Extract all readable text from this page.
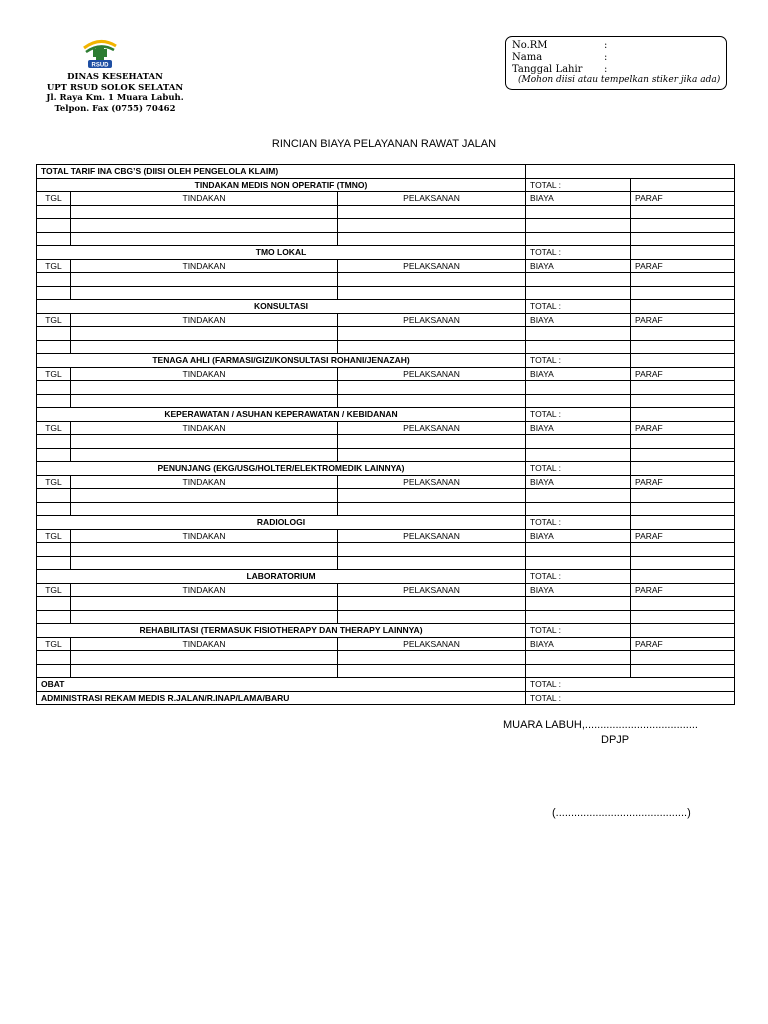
RSUD
DINAS KESEHATAN
UPT RSUD SOLOK SELATAN
Jl. Raya Km. 1 Muara Labuh.
Telpon. Fax (0755) 70462
No.RM	:
Nama	:
Tanggal Lahir	:
(Mohon diisi atau tempelkan stiker jika ada)
RINCIAN BIAYA PELAYANAN RAWAT JALAN
TOTAL TARIF INA CBG’S (DIISI OLEH PENGELOLA KLAIM)				
TINDAKAN MEDIS NON OPERATIF (TMNO)			TOTAL :	
TGL	TINDAKAN	PELAKSANAN	BIAYA	PARAF

TMO LOKAL			TOTAL :	
TGL	TINDAKAN	PELAKSANAN	BIAYA	PARAF

KONSULTASI			TOTAL :	
TGL	TINDAKAN	PELAKSANAN	BIAYA	PARAF

TENAGA AHLI (FARMASI/GIZI/KONSULTASI ROHANI/JENAZAH)			TOTAL :	
TGL	TINDAKAN	PELAKSANAN	BIAYA	PARAF

KEPERAWATAN / ASUHAN KEPERAWATAN / KEBIDANAN			TOTAL :	
TGL	TINDAKAN	PELAKSANAN	BIAYA	PARAF

PENUNJANG (EKG/USG/HOLTER/ELEKTROMEDIK LAINNYA)			TOTAL :	
TGL	TINDAKAN	PELAKSANAN	BIAYA	PARAF

RADIOLOGI			TOTAL :	
TGL	TINDAKAN	PELAKSANAN	BIAYA	PARAF

LABORATORIUM			TOTAL :	
TGL	TINDAKAN	PELAKSANAN	BIAYA	PARAF

REHABILITASI (TERMASUK FISIOTHERAPY DAN THERAPY LAINNYA)			TOTAL :	
TGL	TINDAKAN	PELAKSANAN	BIAYA	PARAF

OBAT			TOTAL :	
ADMINISTRASI REKAM MEDIS R.JALAN/R.INAP/LAMA/BARU			TOTAL :	
MUARA LABUH,.....................................
DPJP
(...........................................)
